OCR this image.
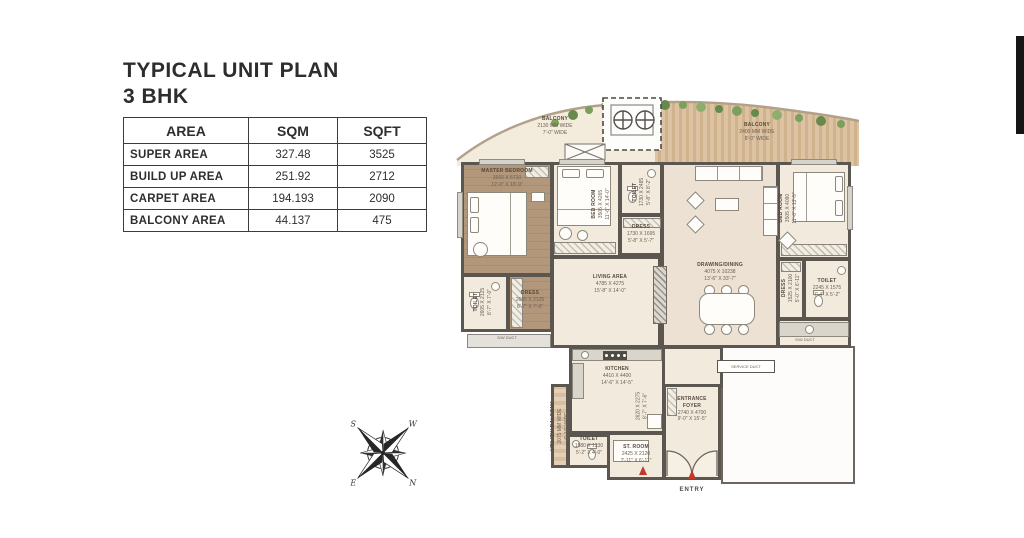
TYPICAL UNIT PLAN
3 BHK
AREA	SQM	SQFT
SUPER AREA	327.48	3525
BUILD UP AREA	251.92	2712
CARPET AREA	194.193	2090
BALCONY AREA	44.137	475
N
E
S	W
SERVICE DUCT
BALCONY
2130 MM WIDE
7'-0" WIDE
BALCONY
2400 MM WIDE
8'-0" WIDE
MASTER BEDROOM
3660 X 5710
12'-0" X 18'-9"
BED ROOM 3505 X 4265
11'-6" X 14'-0"	TOILET 1730 X 2485
5'-8" X 8'-2"
DRESS
1730 X 1695
5'-8" X 5'-7"
LIVING AREA
4785 X 4275
15'-8" X 14'-0"
DRAWING/DINING
4075 X 10238
13'-6" X 33'-7"
BED ROOM 3505 X 4090
11'-6" X 13'-5"
DRESS 1525 X 2100
5'-0" X 6'-11"	TOILET
2245 X 1575
7'-4" X 5'-2"
KITCHEN
4410 X 4400
14'-6" X 14'-5"
2620 X 2275
8'-7" X 7'-6"	ENTRANCE
FOYER
2740 X 4700
9'-0" X 15'-5"
ST. ROOM
2425 X 2120
7'-11" X 6'-11"
TOILET
1580 X 1230
5'-2" X 4'-0"
UTILITY/ BALCONY 2075 MM WIDE
6'-10" WIDE
DRESS
2605 X 2125
8'-7" X 7'-0"
TOILET 2605 X 2125
8'-7" X 7'-0"
S/W DUCT	S/W DUCT
ENTRY
